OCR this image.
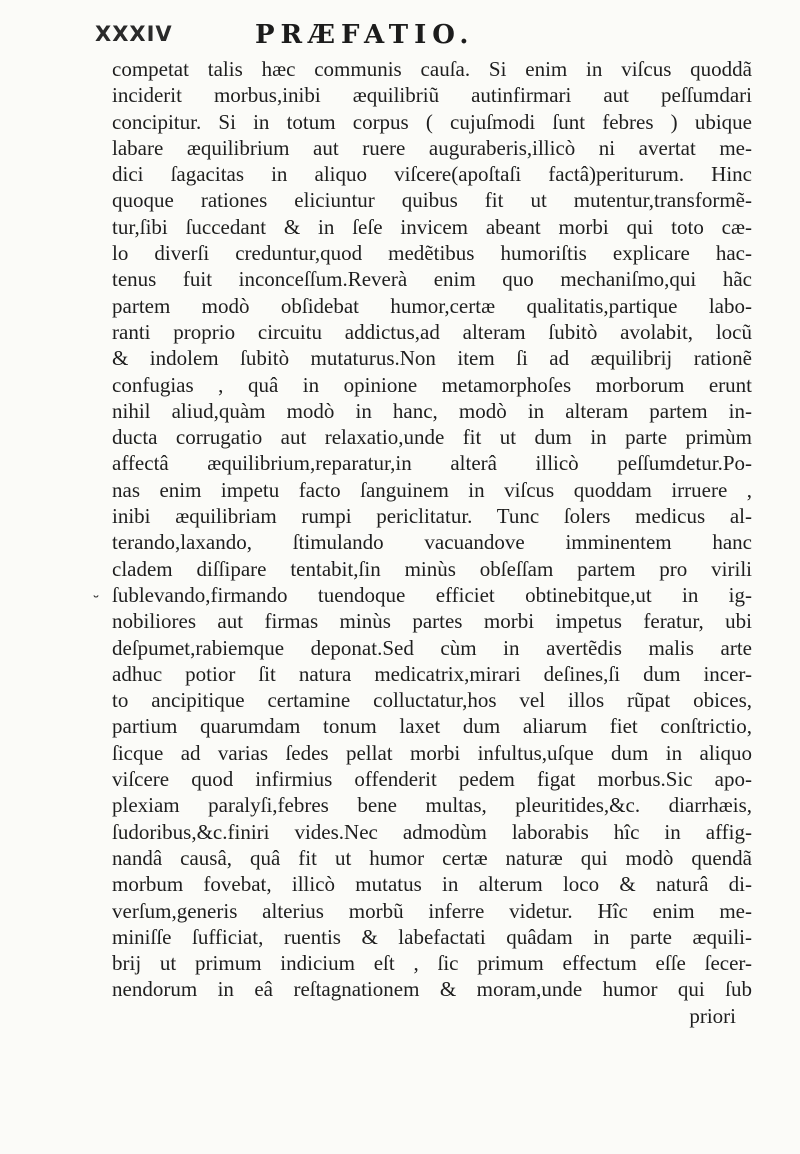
XXXIV	PRÆFATIO.
˘
competat talis hæc communis cauſa. Si enim in viſcus quoddã
inciderit morbus,inibi æquilibriũ autinfirmari aut peſſumdari
concipitur. Si in totum corpus ( cujuſmodi ſunt febres ) ubique
labare æquilibrium aut ruere auguraberis,illicò ni avertat me-
dici ſagacitas in aliquo viſcere(apoſtaſi factâ)periturum. Hinc
quoque rationes eliciuntur quibus fit ut mutentur,transformẽ-
tur,ſibi ſuccedant & in ſeſe invicem abeant morbi qui toto cæ-
lo diverſi creduntur,quod medẽtibus humoriſtis explicare hac-
tenus fuit inconceſſum.Reverà enim quo mechaniſmo,qui hãc
partem modò obſidebat humor,certæ qualitatis,partique labo-
ranti proprio circuitu addictus,ad alteram ſubitò avolabit, locũ
& indolem ſubitò mutaturus.Non item ſi ad æquilibrij rationẽ
confugias , quâ in opinione metamorphoſes morborum erunt
nihil aliud,quàm modò in hanc, modò in alteram partem in-
ducta corrugatio aut relaxatio,unde fit ut dum in parte primùm
affectâ æquilibrium,reparatur,in alterâ illicò peſſumdetur.Po-
nas enim impetu facto ſanguinem in viſcus quoddam irruere ,
inibi æquilibriam rumpi periclitatur. Tunc ſolers medicus al-
terando,laxando, ſtimulando vacuandove imminentem hanc
cladem diſſipare tentabit,ſin minùs obſeſſam partem pro virili
ſublevando,firmando tuendoque efficiet obtinebitque,ut in ig-
nobiliores aut firmas minùs partes morbi impetus feratur, ubi
deſpumet,rabiemque deponat.Sed cùm in avertẽdis malis arte
adhuc potior ſit natura medicatrix,mirari deſines,ſi dum incer-
to ancipitique certamine colluctatur,hos vel illos rũpat obices,
partium quarumdam tonum laxet dum aliarum fiet conſtrictio,
ſicque ad varias ſedes pellat morbi infultus,uſque dum in aliquo
viſcere quod infirmius offenderit pedem figat morbus.Sic apo-
plexiam paralyſi,febres bene multas, pleuritides,&c. diarrhæis,
ſudoribus,&c.finiri vides.Nec admodùm laborabis hîc in affig-
nandâ causâ, quâ fit ut humor certæ naturæ qui modò quendã
morbum fovebat, illicò mutatus in alterum loco & naturâ di-
verſum,generis alterius morbũ inferre videtur. Hîc enim me-
miniſſe ſufficiat, ruentis & labefactati quâdam in parte æquili-
brij ut primum indicium eſt , ſic primum effectum eſſe ſecer-
nendorum in eâ reſtagnationem & moram,unde humor qui ſub
priori
